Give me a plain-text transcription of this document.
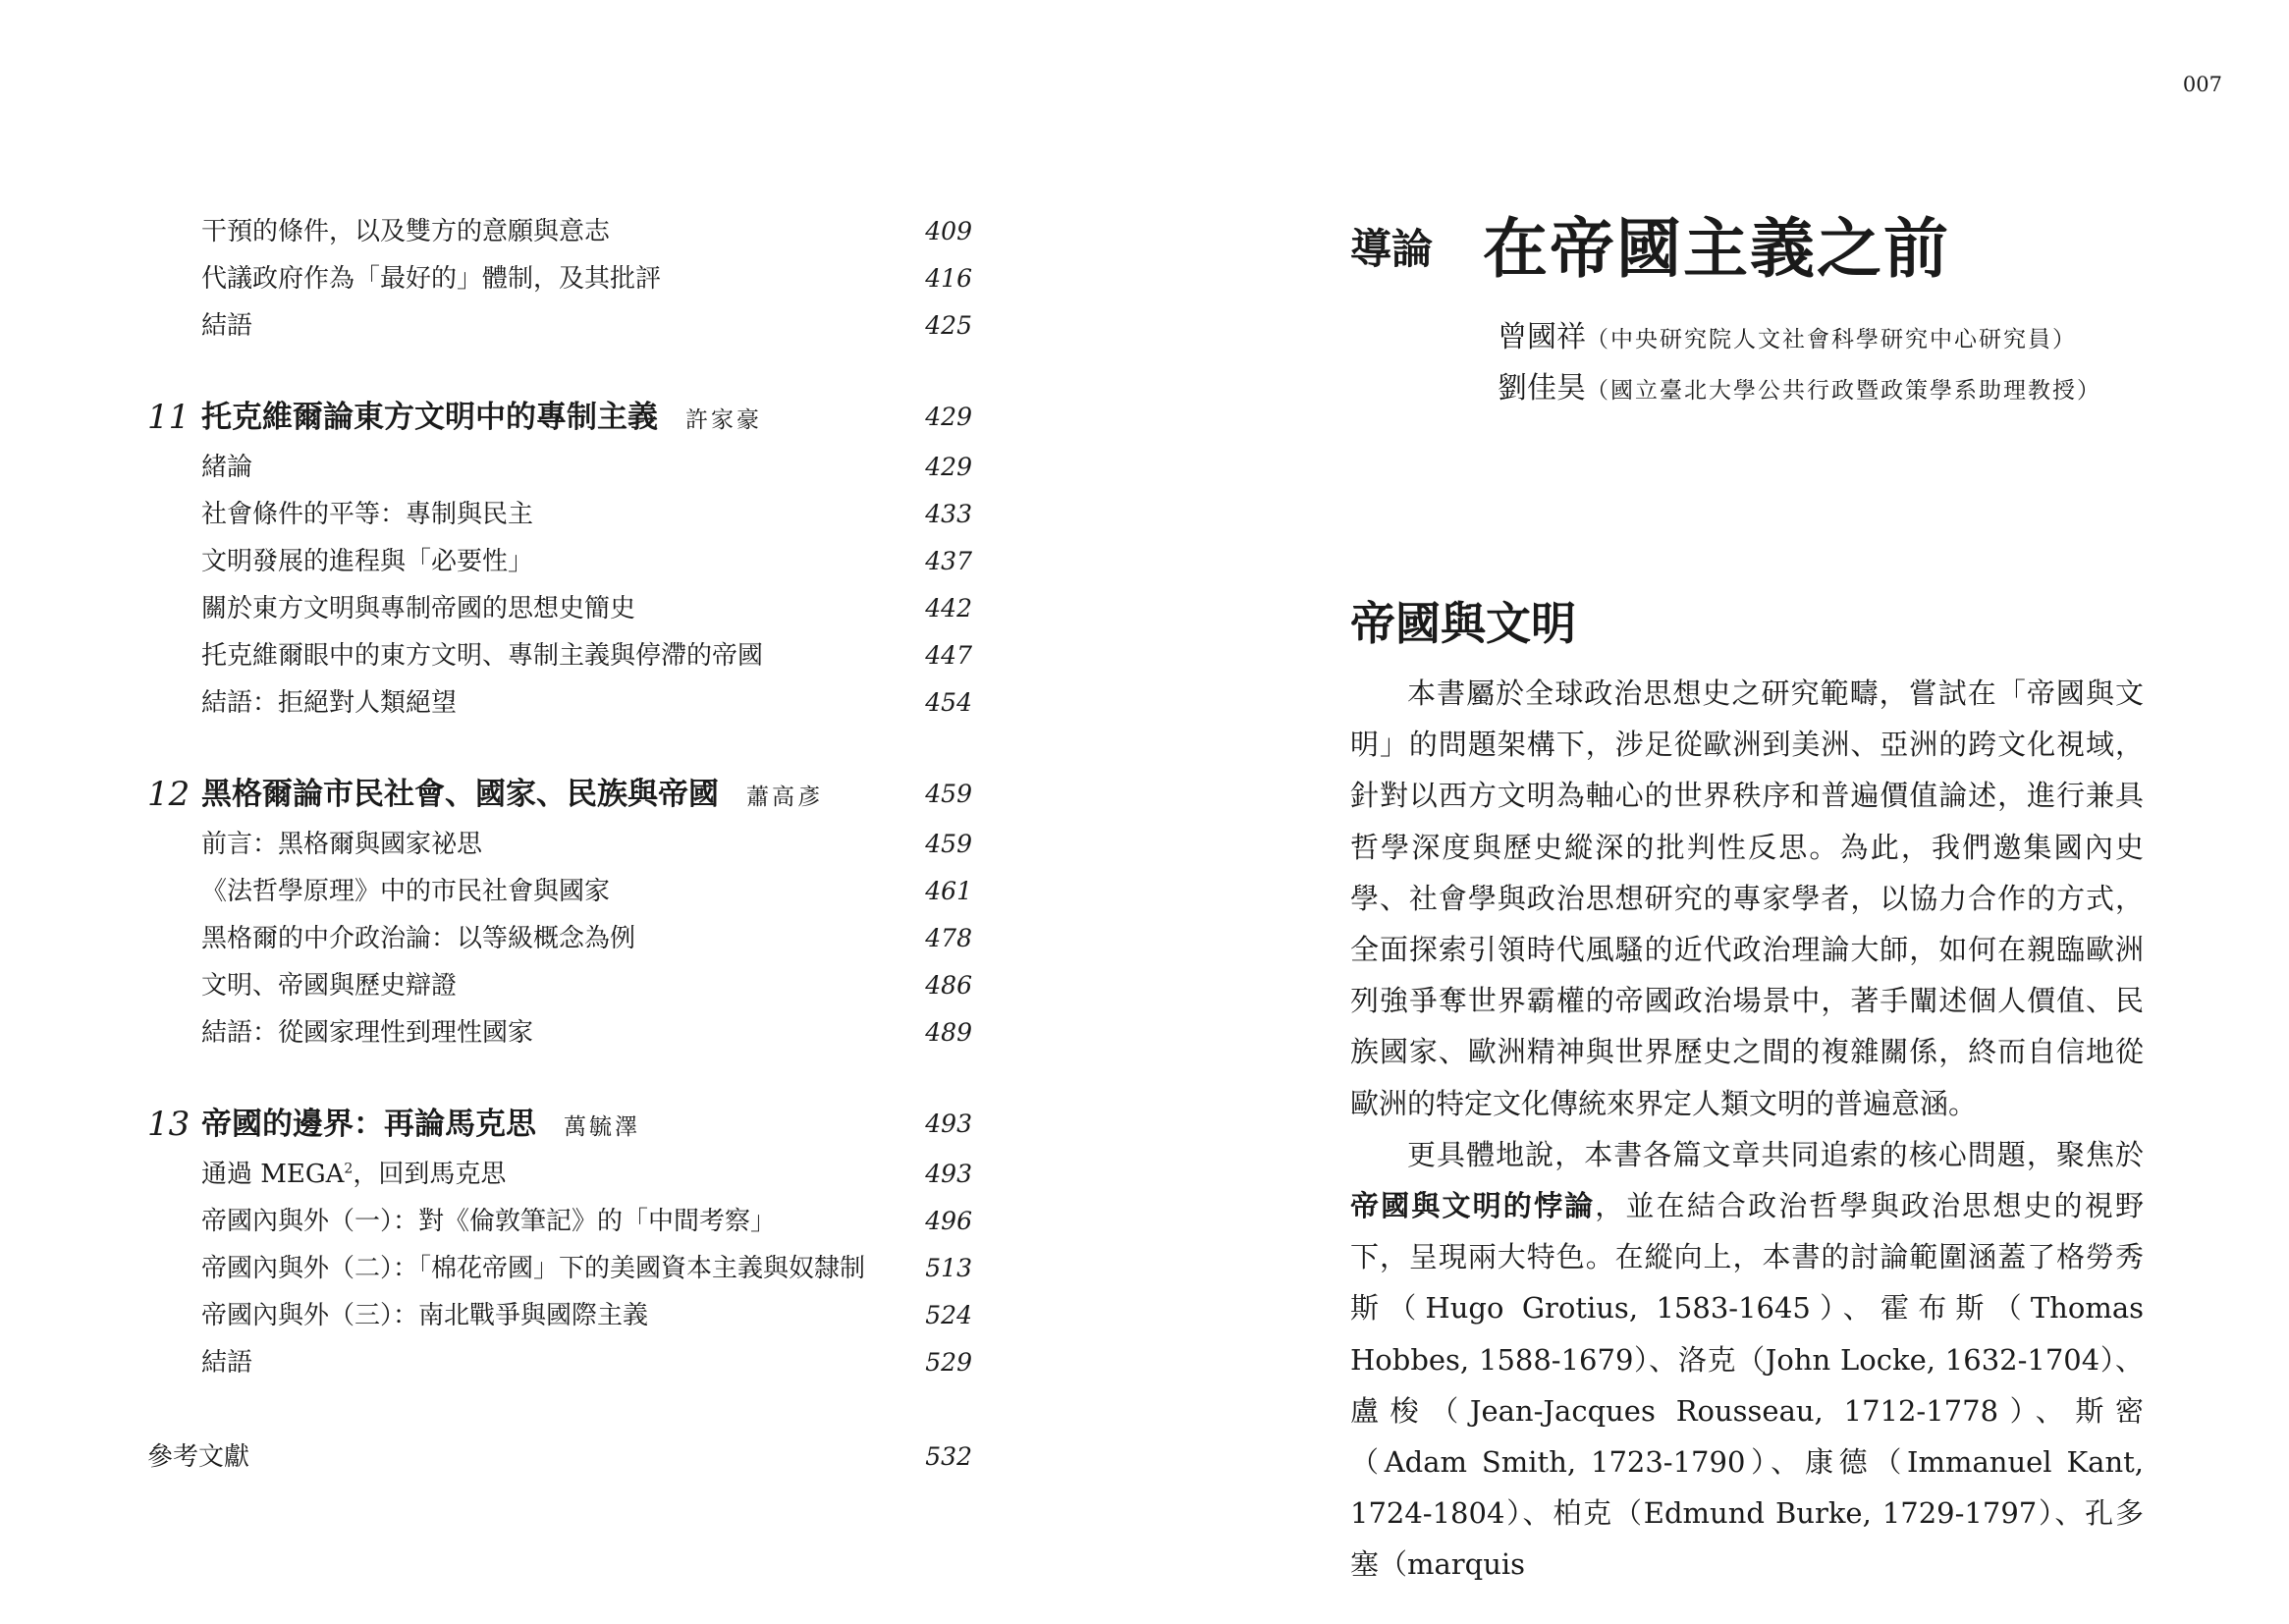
干預的條件，以及雙方的意願與意志	409
代議政府作為「最好的」體制，及其批評	416
結語	425
11 托克維爾論東方文明中的專制主義 許家豪	429
緒論	429
社會條件的平等：專制與民主	433
文明發展的進程與「必要性」	437
關於東方文明與專制帝國的思想史簡史	442
托克維爾眼中的東方文明、專制主義與停滯的帝國	447
結語：拒絕對人類絕望	454
12 黑格爾論市民社會、國家、民族與帝國 蕭高彥	459
前言：黑格爾與國家祕思	459
《法哲學原理》中的市民社會與國家	461
黑格爾的中介政治論：以等級概念為例	478
文明、帝國與歷史辯證	486
結語：從國家理性到理性國家	489
13 帝國的邊界：再論馬克思 萬毓澤	493
通過 MEGA$^2$，回到馬克思	493
帝國內與外（一）：對《倫敦筆記》的「中間考察」	496
帝國內與外（二）：「棉花帝國」下的美國資本主義與奴隸制 513
帝國內與外（三）：南北戰爭與國際主義	524
結語	529
參考文獻	532
007
導論 在帝國主義之前
曾國祥（中央研究院人文社會科學研究中心研究員）
劉佳昊（國立臺北大學公共行政暨政策學系助理教授）
帝國與文明

本書屬於全球政治思想史之研究範疇，嘗試在「帝國與文明」的問題架構下，涉足從歐洲到美洲、亞洲的跨文化視域，針對以西方文明為軸心的世界秩序和普遍價值論述，進行兼具哲學深度與歷史縱深的批判性反思。為此，我們邀集國內史學、社會學與政治思想研究的專家學者，以協力合作的方式，全面探索引領時代風騷的近代政治理論大師，如何在親臨歐洲列強爭奪世界霸權的帝國政治場景中，著手闡述個人價值、民族國家、歐洲精神與世界歷史之間的複雜關係，終而自信地從歐洲的特定文化傳統來界定人類文明的普遍意涵。

更具體地說，本書各篇文章共同追索的核心問題，聚焦於帝國與文明的悖論，並在結合政治哲學與政治思想史的視野下，呈現兩大特色。在縱向上，本書的討論範圍涵蓋了格勞秀斯（Hugo Grotius, 1583-1645）、霍布斯（Thomas Hobbes, 1588-1679）、洛克（John Locke, 1632-1704）、盧梭（Jean-Jacques Rousseau, 1712-1778）、斯密（Adam Smith, 1723-1790）、康德（Immanuel Kant, 1724-1804）、柏克（Edmund Burke, 1729-1797）、孔多塞（marquis
